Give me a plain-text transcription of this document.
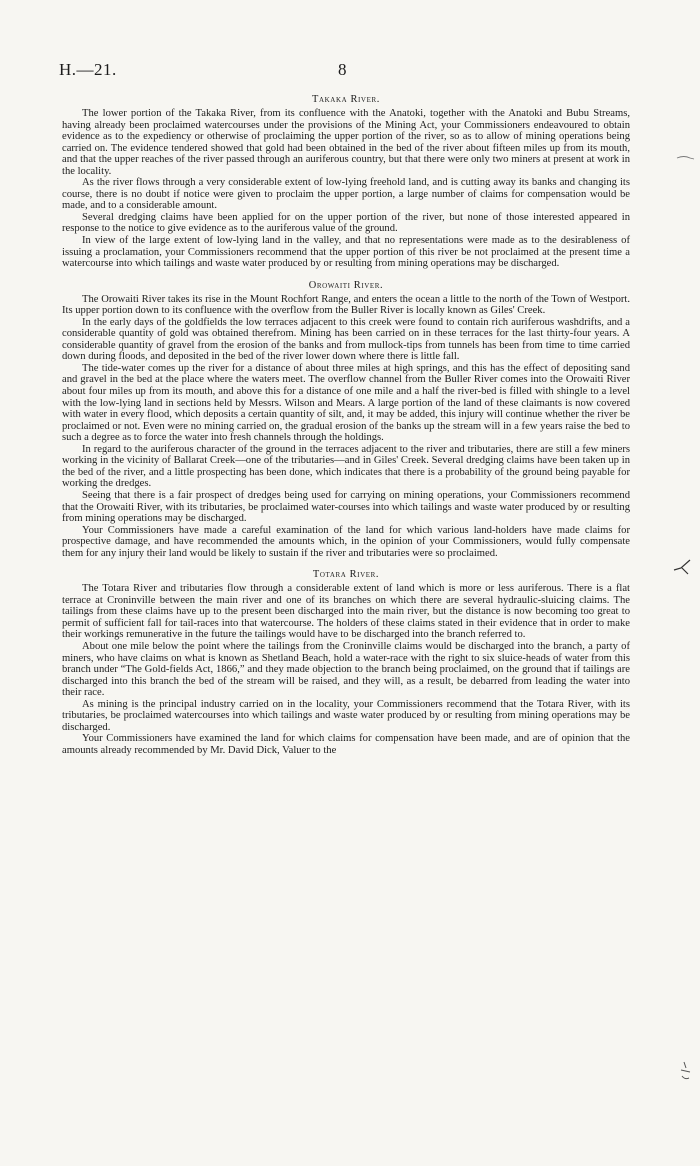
H.—21.	8
Takaka River.

The lower portion of the Takaka River, from its confluence with the Anatoki, together with the Anatoki and Bubu Streams, having already been proclaimed watercourses under the provisions of the Mining Act, your Commissioners endeavoured to obtain evidence as to the expediency or otherwise of proclaiming the upper portion of the river, so as to allow of mining operations being carried on. The evidence tendered showed that gold had been obtained in the bed of the river about fifteen miles up from its mouth, and that the upper reaches of the river passed through an auriferous country, but that there were only two miners at present at work in the locality.

As the river flows through a very considerable extent of low-lying freehold land, and is cutting away its banks and changing its course, there is no doubt if notice were given to proclaim the upper portion, a large number of claims for compensation would be made, and to a considerable amount.

Several dredging claims have been applied for on the upper portion of the river, but none of those interested appeared in response to the notice to give evidence as to the auriferous value of the ground.

In view of the large extent of low-lying land in the valley, and that no representations were made as to the desirableness of issuing a proclamation, your Commissioners recommend that the upper portion of this river be not proclaimed at the present time a watercourse into which tailings and waste water produced by or resulting from mining operations may be discharged.

Orowaiti River.

The Orowaiti River takes its rise in the Mount Rochfort Range, and enters the ocean a little to the north of the Town of Westport. Its upper portion down to its confluence with the overflow from the Buller River is locally known as Giles' Creek.

In the early days of the goldfields the low terraces adjacent to this creek were found to contain rich auriferous washdrifts, and a considerable quantity of gold was obtained therefrom. Mining has been carried on in these terraces for the last thirty-four years. A considerable quantity of gravel from the erosion of the banks and from mullock-tips from tunnels has been from time to time carried down during floods, and deposited in the bed of the river lower down where there is little fall.

The tide-water comes up the river for a distance of about three miles at high springs, and this has the effect of depositing sand and gravel in the bed at the place where the waters meet. The overflow channel from the Buller River comes into the Orowaiti River about four miles up from its mouth, and above this for a distance of one mile and a half the river-bed is filled with shingle to a level with the low-lying land in sections held by Messrs. Wilson and Mears. A large portion of the land of these claimants is now covered with water in every flood, which deposits a certain quantity of silt, and, it may be added, this injury will continue whether the river be proclaimed or not. Even were no mining carried on, the gradual erosion of the banks up the stream will in a few years raise the bed to such a degree as to force the water into fresh channels through the holdings.

In regard to the auriferous character of the ground in the terraces adjacent to the river and tributaries, there are still a few miners working in the vicinity of Ballarat Creek—one of the tributaries—and in Giles' Creek. Several dredging claims have been taken up in the bed of the river, and a little prospecting has been done, which indicates that there is a probability of the ground being payable for working the dredges.

Seeing that there is a fair prospect of dredges being used for carrying on mining operations, your Commissioners recommend that the Orowaiti River, with its tributaries, be proclaimed water-courses into which tailings and waste water produced by or resulting from mining operations may be discharged.

Your Commissioners have made a careful examination of the land for which various land-holders have made claims for prospective damage, and have recommended the amounts which, in the opinion of your Commissioners, would fully compensate them for any injury their land would be likely to sustain if the river and tributaries were so proclaimed.

Totara River.

The Totara River and tributaries flow through a considerable extent of land which is more or less auriferous. There is a flat terrace at Croninville between the main river and one of its branches on which there are several hydraulic-sluicing claims. The tailings from these claims have up to the present been discharged into the main river, but the distance is now becoming too great to permit of sufficient fall for tail-races into that watercourse. The holders of these claims stated in their evidence that in order to make their workings remunerative in the future the tailings would have to be discharged into the branch referred to.

About one mile below the point where the tailings from the Croninville claims would be discharged into the branch, a party of miners, who have claims on what is known as Shetland Beach, hold a water-race with the right to six sluice-heads of water from this branch under “The Gold-fields Act, 1866,” and they made objection to the branch being proclaimed, on the ground that if tailings are discharged into this branch the bed of the stream will be raised, and they will, as a result, be debarred from leading the water into their race.

As mining is the principal industry carried on in the locality, your Commissioners recommend that the Totara River, with its tributaries, be proclaimed watercourses into which tailings and waste water produced by or resulting from mining operations may be discharged.

Your Commissioners have examined the land for which claims for compensation have been made, and are of opinion that the amounts already recommended by Mr. David Dick, Valuer to the
